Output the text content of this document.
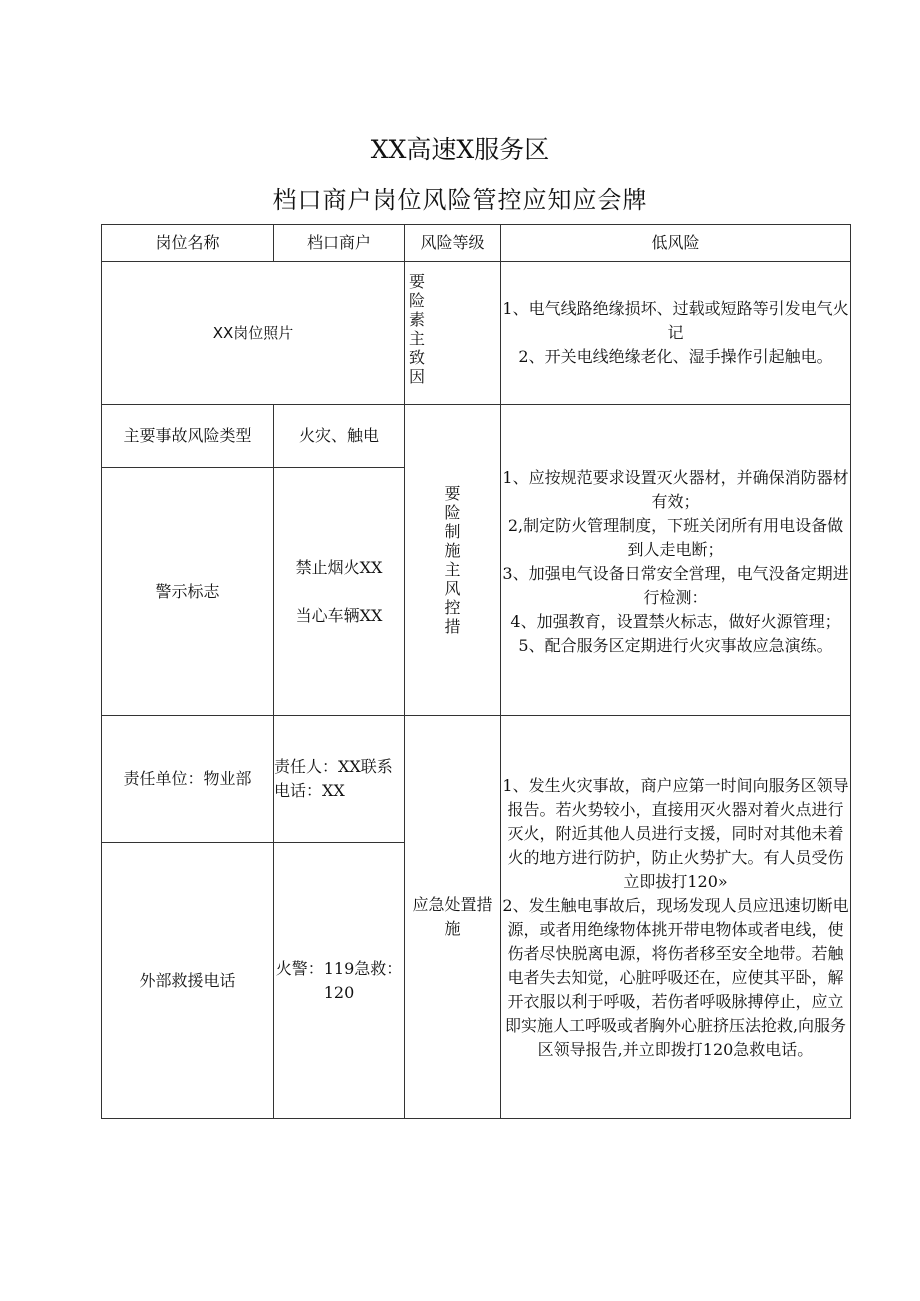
XX高速X服务区
档口商户岗位风险管控应知应会牌
岗位名称	档口商户	风险等级	低风险
XX岗位照片		要险素主致因	1、电气线路绝缘损坏、过载或短路等引发电气火记
2、开关电线绝缘老化、湿手操作引起触电。

主要事故风险类型	火灾、触电	要险制施主风控措	1、应按规范要求设置灭火器材，并确保消防器材有效；
2,制定防火管理制度，下班关闭所有用电设备做到人走电断；
3、加强电气设备日常安全営理，电气没备定期进行检测：
4、加强教育，设置禁火标志，做好火源管理；
5、配合服务区定期进行火灾事故应急演练。

警示标志	禁止烟火XX
当心车辆XX		

责任单位：物业部	责任人：XX联系电话：XX	应急处置措施	1、发生火灾事故，商户应第一时间向服务区领导报告。若火势较小，直接用灭火器对着火点进行灭火，附近其他人员进行支援，同时对其他未着火的地方进行防护，防止火势扩大。有人员受伤立即拔打120»
2、发生触电事故后，现场发现人员应迅速切断电源，或者用绝缘物体挑开带电物体或者电线，使伤者尽快脱离电源，将伤者移至安全地带。若触电者失去知觉，心脏呼吸还在，应使其平卧，解开衣服以利于呼吸，若伤者呼吸脉搏停止，应立即实施人工呼吸或者胸外心脏挤压法抢救,向服务区领导报告,并立即拨打120急救电话。

外部救援电话	火警：119急救：120		
